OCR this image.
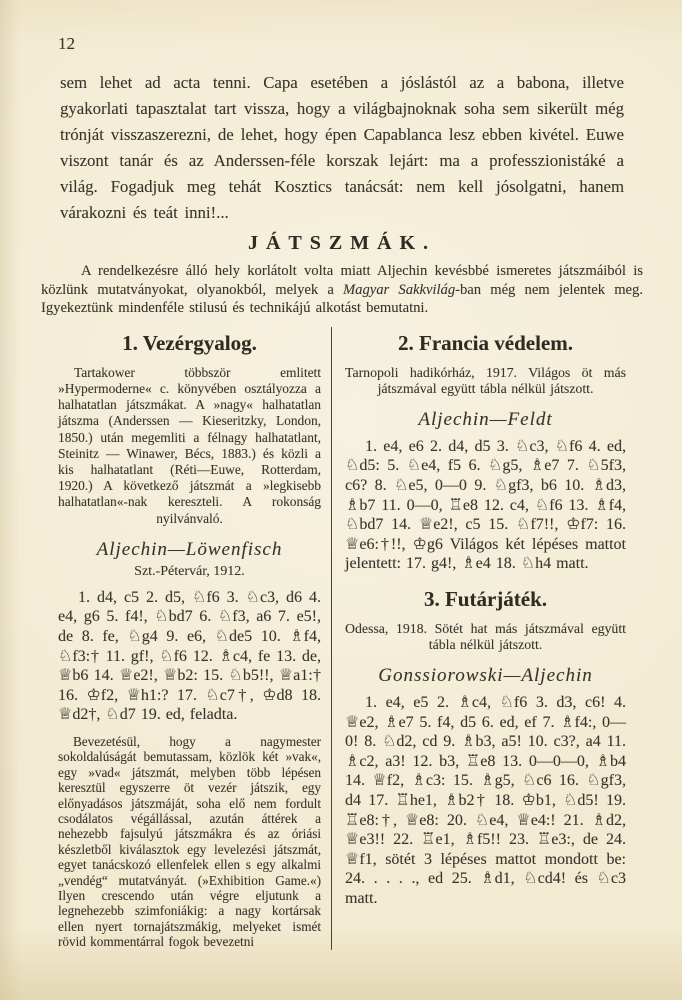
12

sem lehet ad acta tenni. Capa esetében a jóslástól az a babona, illetve gyakorlati tapasztalat tart vissza, hogy a világbajnoknak soha sem sikerült még trónját visszaszerezni, de lehet, hogy épen Capablanca lesz ebben kivétel. Euwe viszont tanár és az Anderssen-féle korszak lejárt: ma a professzionistáké a világ. Fogadjuk meg tehát Kosztics tanácsát: nem kell jósolgatni, hanem várakozni és teát inni!...

JÁTSZMÁK.

A rendelkezésre álló hely korlátolt volta miatt Aljechin kevésbbé ismeretes játszmáiból is közlünk mutatványokat, olyanokból, melyek a Magyar Sakkvilág-ban még nem jelentek meg. Igyekeztünk mindenféle stilusú és technikájú alkotást bemutatni.

1. Vezérgyalog.

Tartakower többször emlitett »Hypermoderne« c. könyvében osztályozza a halhatatlan játszmákat. A »nagy« halhatatlan játszma (Anderssen — Kieseritzky, London, 1850.) után megemliti a félnagy halhatatlant, Steinitz — Winawer, Bécs, 1883.) és közli a kis halhatatlant (Réti—Euwe, Rotterdam, 1920.) A következő játszmát a »legkisebb halhatatlan«-nak kereszteli. A rokonság nyilvánvaló.

Aljechin—Löwenfisch
Szt.-Pétervár, 1912.

1. d4, c5 2. d5, ♘f6 3. ♘c3, d6 4. e4, g6 5. f4!, ♘bd7 6. ♘f3, a6 7. e5!, de 8. fe, ♘g4 9. e6, ♘de5 10. ♗f4, ♘f3:† 11. gf!, ♘f6 12. ♗c4, fe 13. de, ♕b6 14. ♕e2!, ♕b2: 15. ♘b5!!, ♕a1:† 16. ♔f2, ♕h1:? 17. ♘c7†, ♔d8 18. ♕d2†, ♘d7 19. ed, feladta.

Bevezetésül, hogy a nagymester sokoldalúságát bemutassam, közlök két »vak«, egy »vad« játszmát, melyben több lépésen keresztül egyszerre öt vezér játszik, egy előnyadásos játszmáját, soha elő nem fordult csodálatos végállással, azután áttérek a nehezebb fajsulyú játszmákra és az óriási készletből kiválasztok egy levelezési játszmát, egyet tanácskozó ellenfelek ellen s egy alkalmi „vendég“ mutatványát. (»Exhibition Game.«) Ilyen crescendo után végre eljutunk a legnehezebb szimfoniákig: a nagy kortársak ellen nyert tornajátszmákig, melyeket ismét rövid kommentárral fogok bevezetni

2. Francia védelem.

Tarnopoli hadikórház, 1917. Világos öt más játszmával együtt tábla nélkül játszott.

Aljechin—Feldt

1. e4, e6 2. d4, d5 3. ♘c3, ♘f6 4. ed, ♘d5: 5. ♘e4, f5 6. ♘g5, ♗e7 7. ♘5f3, c6? 8. ♘e5, 0—0 9. ♘gf3, b6 10. ♗d3, ♗b7 11. 0—0, ♖e8 12. c4, ♘f6 13. ♗f4, ♘bd7 14. ♕e2!, c5 15. ♘f7!!, ♔f7: 16. ♕e6:†!!, ♔g6 Világos két lépéses mattot jelentett: 17. g4!, ♗e4 18. ♘h4 matt.

3. Futárjáték.

Odessa, 1918. Sötét hat más játszmával együtt tábla nélkül játszott.

Gonssiorowski—Aljechin

1. e4, e5 2. ♗c4, ♘f6 3. d3, c6! 4. ♕e2, ♗e7 5. f4, d5 6. ed, ef 7. ♗f4:, 0—0! 8. ♘d2, cd 9. ♗b3, a5! 10. c3?, a4 11. ♗c2, a3! 12. b3, ♖e8 13. 0—0—0, ♗b4 14. ♕f2, ♗c3: 15. ♗g5, ♘c6 16. ♘gf3, d4 17. ♖he1, ♗b2† 18. ♔b1, ♘d5! 19. ♖e8:†, ♕e8: 20. ♘e4, ♕e4:! 21. ♗d2, ♕e3!! 22. ♖e1, ♗f5!! 23. ♖e3:, de 24. ♕f1, sötét 3 lépéses mattot mondott be: 24. . . . ., ed 25. ♗d1, ♘cd4! és ♘c3 matt.
